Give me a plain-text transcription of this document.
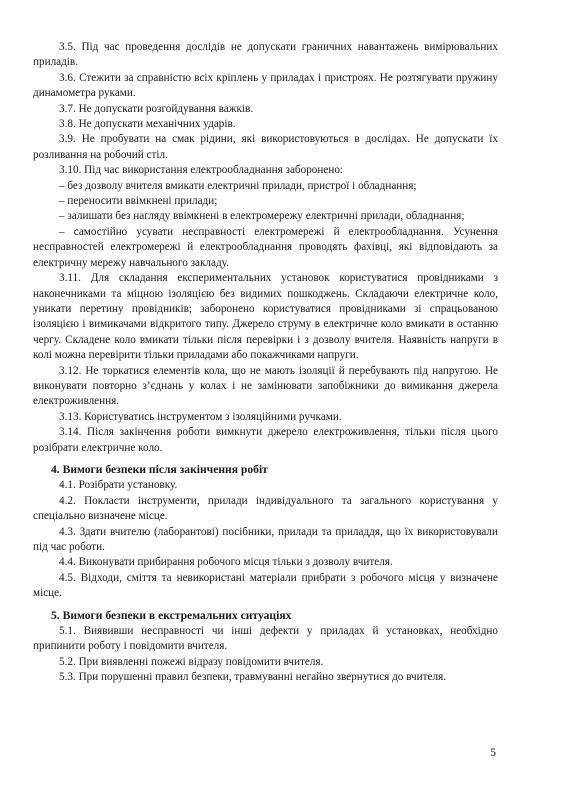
3.5. Під час проведення дослідів не допускати граничних навантажень вимірювальних приладів.

3.6. Стежити за справністю всіх кріплень у приладах і пристроях. Не розтягувати пружину динамометра руками.

3.7. Не допускати розгойдування важків.

3.8. Не допускати механічних ударів.

3.9. Не пробувати на смак рідини, які використовуються в дослідах. Не допускати їх розливання на робочий стіл.

3.10. Під час використання електрообладнання заборонено:

– без дозволу вчителя вмикати електричні прилади, пристрої і обладнання;

– переносити ввімкнені прилади;

– залишати без нагляду ввімкнені в електромережу електричні прилади, обладнання;

– самостійно усувати несправності електромережі й електрообладнання. Усунення несправностей електромережі й електрообладнання проводять фахівці, які відповідають за електричну мережу навчального закладу.

3.11. Для складання експериментальних установок користуватися провідниками з наконечниками та міцною ізоляцією без видимих пошкоджень. Складаючи електричне коло, уникати перетину провідників; заборонено користуватися провідниками зі спрацьованою ізоляцією і вимикачами відкритого типу. Джерело струму в електричне коло вмикати в останню чергу. Складене коло вмикати тільки після перевірки і з дозволу вчителя. Наявність напруги в колі можна перевірити тільки приладами або покажчиками напруги.

3.12. Не торкатися елементів кола, що не мають ізоляції й перебувають під напругою. Не виконувати повторно з’єднань у колах і не замінювати запобіжники до вимикання джерела електроживлення.

3.13. Користуватись інструментом з ізоляційними ручками.

3.14. Після закінчення роботи вимкнути джерело електроживлення, тільки після цього розібрати електричне коло.

4. Вимоги безпеки після закінчення робіт

4.1. Розібрати установку.

4.2. Покласти інструменти, прилади індивідуального та загального користування у спеціально визначене місце.

4.3. Здати вчителю (лаборантові) посібники, прилади та приладдя, що їх використовували під час роботи.

4.4. Виконувати прибирання робочого місця тільки з дозволу вчителя.

4.5. Відходи, сміття та невикористані матеріали прибрати з робочого місця у визначене місце.

5. Вимоги безпеки в екстремальних ситуаціях

5.1. Виявивши несправності чи інші дефекти у приладах й установках, необхідно припинити роботу і повідомити вчителя.

5.2. При виявленні пожежі відразу повідомити вчителя.

5.3. При порушенні правил безпеки, травмуванні негайно звернутися до вчителя.

5
